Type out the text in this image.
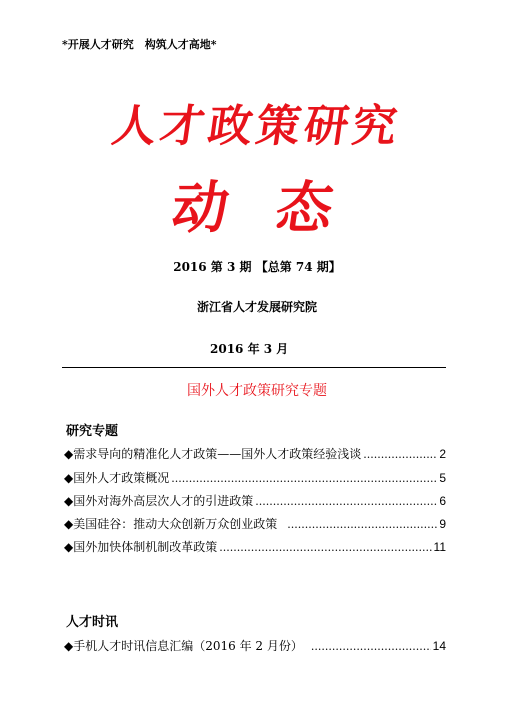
*开展人才研究　构筑人才高地*
人才政策研究
动态
2016 第 3 期 【总第 74 期】
浙江省人才发展研究院
2016 年 3 月
国外人才政策研究专题
研究专题
◆ 需求导向的精准化人才政策——国外人才政策经验浅谈 .....	2
◆ 国外人才政策概况 .....	5
◆ 国外对海外高层次人才的引进政策 .....	6
◆ 美国硅谷：推动大众创新万众创业政策 .....	9
◆ 国外加快体制机制改革政策 .....	11
人才时讯
◆ 手机人才时讯信息汇编（2016 年 2 月份） .....	14
